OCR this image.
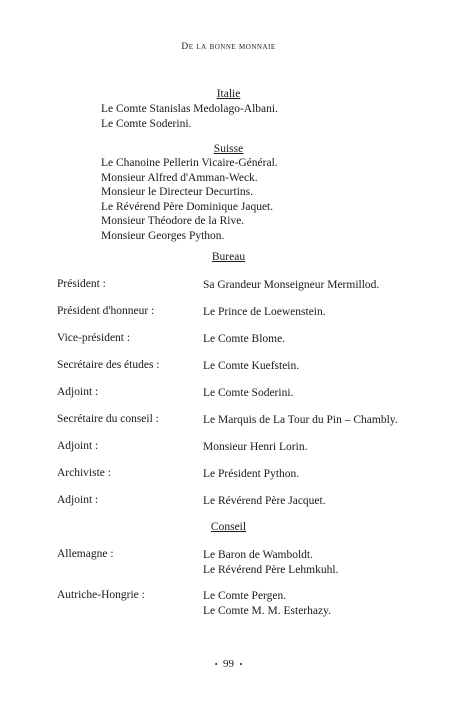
De la bonne monnaie
Italie
Le Comte Stanislas Medolago-Albani.
Le Comte Soderini.
Suisse
Le Chanoine Pellerin Vicaire-Général.
Monsieur Alfred d'Amman-Weck.
Monsieur le Directeur Decurtins.
Le Révérend Père Dominique Jaquet.
Monsieur Théodore de la Rive.
Monsieur Georges Python.
Bureau
Président :	Sa Grandeur Monseigneur Mermillod.
Président d'honneur :	Le Prince de Loewenstein.
Vice-président :	Le Comte Blome.
Secrétaire des études :	Le Comte Kuefstein.
Adjoint :	Le Comte Soderini.
Secrétaire du conseil :	Le Marquis de La Tour du Pin – Chambly.
Adjoint :	Monsieur Henri Lorin.
Archiviste :	Le Président Python.
Adjoint :	Le Révérend Père Jacquet.
Conseil
Allemagne :	Le Baron de Wamboldt.
Le Révérend Père Lehmkuhl.
Autriche-Hongrie :	Le Comte Pergen.
Le Comte M. M. Esterhazy.
• 99 •
